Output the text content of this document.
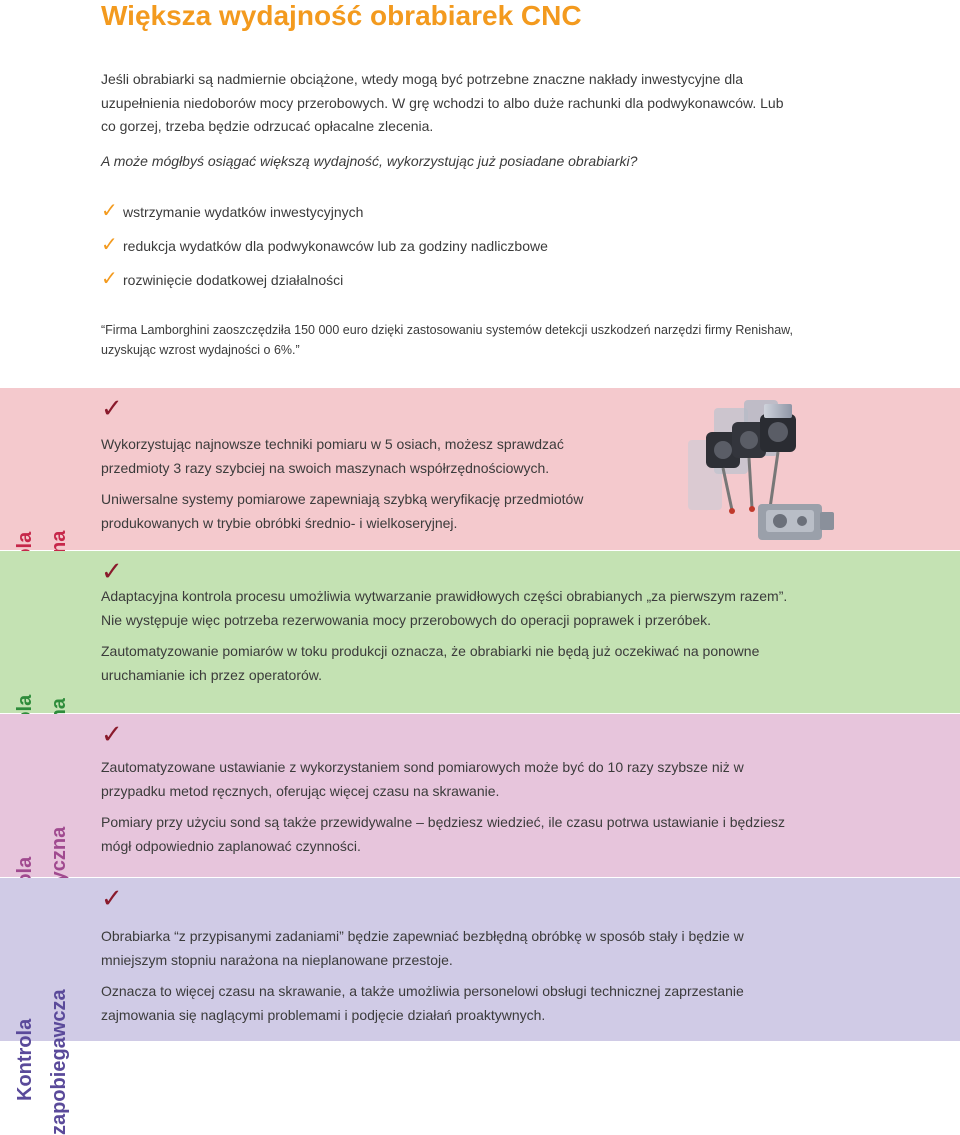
Większa wydajność obrabiarek CNC
Jeśli obrabiarki są nadmiernie obciążone, wtedy mogą być potrzebne znaczne nakłady inwestycyjne dla
uzupełnienia niedoborów mocy przerobowych. W grę wchodzi to albo duże rachunki dla podwykonawców. Lub
co gorzej, trzeba będzie odrzucać opłacalne zlecenia.
A może mógłbyś osiągać większą wydajność, wykorzystując już posiadane obrabiarki?
✓ wstrzymanie wydatków inwestycyjnych
✓ redukcja wydatków dla podwykonawców lub za godziny nadliczbowe
✓ rozwinięcie dodatkowej działalności
“Firma Lamborghini zaoszczędziła 150 000 euro dzięki zastosowaniu systemów detekcji uszkodzeń narzędzi firmy Renishaw,
uzyskując wzrost wydajności o 6%.”
✓
Wykorzystując najnowsze techniki pomiaru w 5 osiach, możesz sprawdzać
przedmioty 3 razy szybciej na swoich maszynach współrzędnościowych.
Uniwersalne systemy pomiarowe zapewniają szybką weryfikację przedmiotów
produkowanych w trybie obróbki średnio- i wielkoseryjnej.
✓
Adaptacyjna kontrola procesu umożliwia wytwarzanie prawidłowych części obrabianych „za pierwszym razem”.
Nie występuje więc potrzeba rezerwowania mocy przerobowych do operacji poprawek i przeróbek.
Zautomatyzowanie pomiarów w toku produkcji oznacza, że obrabiarki nie będą już oczekiwać na ponowne
uruchamianie ich przez operatorów.
✓
Zautomatyzowane ustawianie z wykorzystaniem sond pomiarowych może być do 10 razy szybsze niż w
przypadku metod ręcznych, oferując więcej czasu na skrawanie.
Pomiary przy użyciu sond są także przewidywalne – będziesz wiedzieć, ile czasu potrwa ustawianie i będziesz
mógł odpowiednio zaplanować czynności.
Kontrola zapobiegawcza
✓
Obrabiarka “z przypisanymi zadaniami” będzie zapewniać bezbłędną obróbkę w sposób stały i będzie w
mniejszym stopniu narażona na nieplanowane przestoje.
Oznacza to więcej czasu na skrawanie, a także umożliwia personelowi obsługi technicznej zaprzestanie
zajmowania się naglącymi problemami i podjęcie działań proaktywnych.
